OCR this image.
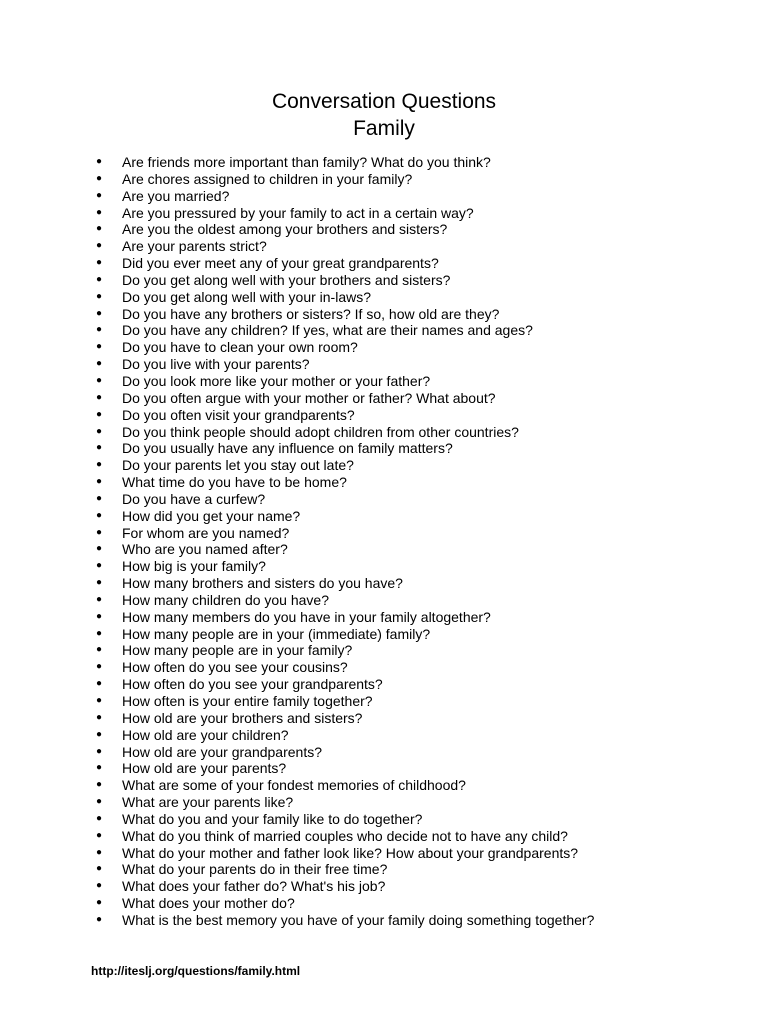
Conversation Questions
Family
● Are friends more important than family? What do you think?
● Are chores assigned to children in your family?
● Are you married?
● Are you pressured by your family to act in a certain way?
● Are you the oldest among your brothers and sisters?
● Are your parents strict?
● Did you ever meet any of your great grandparents?
● Do you get along well with your brothers and sisters?
● Do you get along well with your in-laws?
● Do you have any brothers or sisters? If so, how old are they?
● Do you have any children? If yes, what are their names and ages?
● Do you have to clean your own room?
● Do you live with your parents?
● Do you look more like your mother or your father?
● Do you often argue with your mother or father? What about?
● Do you often visit your grandparents?
● Do you think people should adopt children from other countries?
● Do you usually have any influence on family matters?
● Do your parents let you stay out late?
● What time do you have to be home?
● Do you have a curfew?
● How did you get your name?
● For whom are you named?
● Who are you named after?
● How big is your family?
● How many brothers and sisters do you have?
● How many children do you have?
● How many members do you have in your family altogether?
● How many people are in your (immediate) family?
● How many people are in your family?
● How often do you see your cousins?
● How often do you see your grandparents?
● How often is your entire family together?
● How old are your brothers and sisters?
● How old are your children?
● How old are your grandparents?
● How old are your parents?
● What are some of your fondest memories of childhood?
● What are your parents like?
● What do you and your family like to do together?
● What do you think of married couples who decide not to have any child?
● What do your mother and father look like? How about your grandparents?
● What do your parents do in their free time?
● What does your father do? What's his job?
● What does your mother do?
● What is the best memory you have of your family doing something together?
http://iteslj.org/questions/family.html
